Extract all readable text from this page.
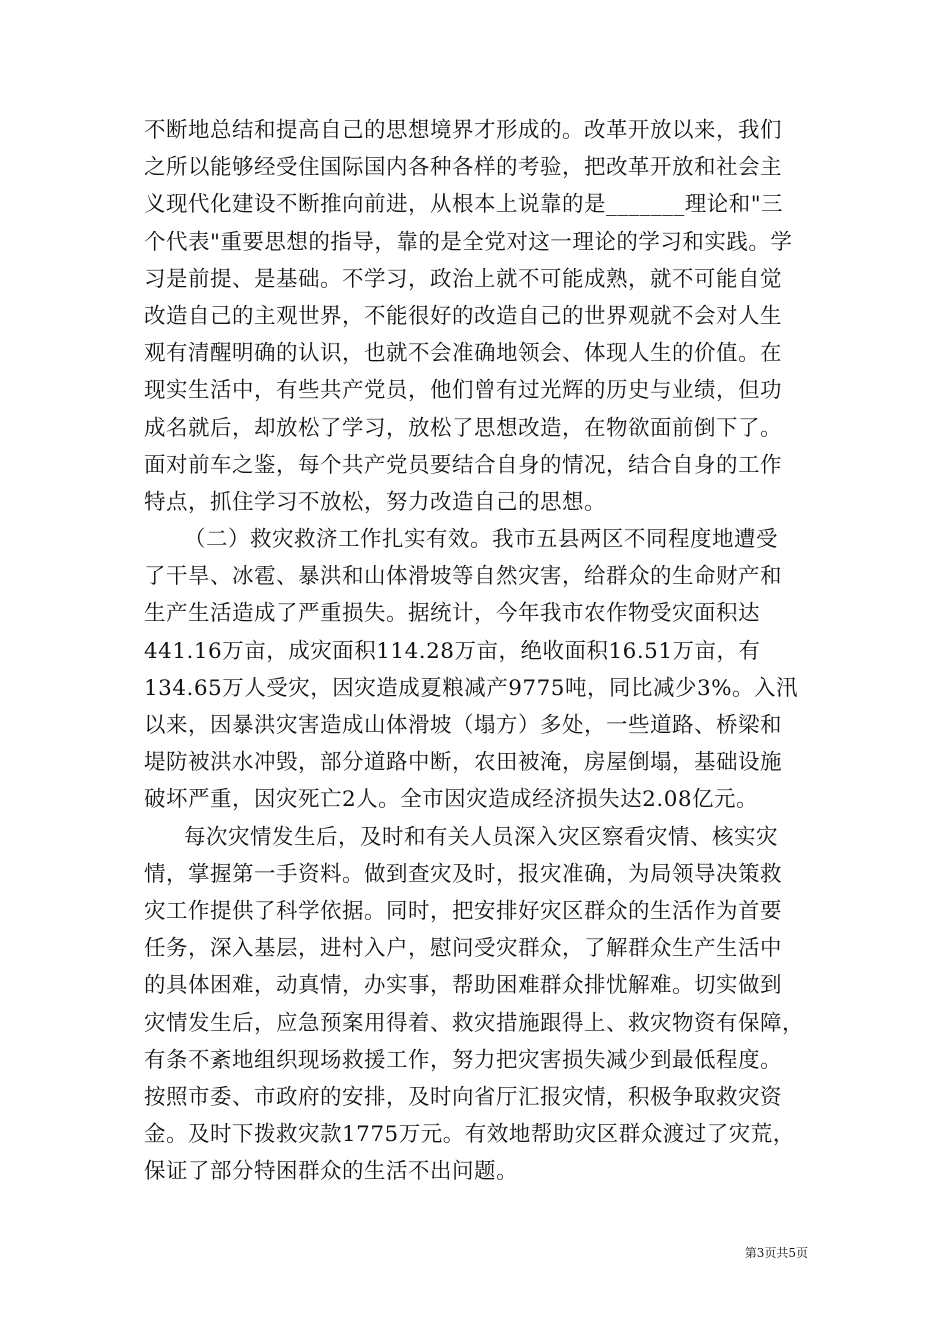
不断地总结和提高自己的思想境界才形成的。改革开放以来，我们
之所以能够经受住国际国内各种各样的考验，把改革开放和社会主
义现代化建设不断推向前进，从根本上说靠的是_______理论和"三
个代表"重要思想的指导，靠的是全党对这一理论的学习和实践。学
习是前提、是基础。不学习，政治上就不可能成熟，就不可能自觉
改造自己的主观世界，不能很好的改造自己的世界观就不会对人生
观有清醒明确的认识，也就不会准确地领会、体现人生的价值。在
现实生活中，有些共产党员，他们曾有过光辉的历史与业绩，但功
成名就后，却放松了学习，放松了思想改造，在物欲面前倒下了。
面对前车之鉴，每个共产党员要结合自身的情况，结合自身的工作
特点，抓住学习不放松，努力改造自己的思想。
（二）救灾救济工作扎实有效。我市五县两区不同程度地遭受
了干旱、冰雹、暴洪和山体滑坡等自然灾害，给群众的生命财产和
生产生活造成了严重损失。据统计，今年我市农作物受灾面积达
441.16万亩，成灾面积114.28万亩，绝收面积16.51万亩，有
134.65万人受灾，因灾造成夏粮减产9775吨，同比减少3%。入汛
以来，因暴洪灾害造成山体滑坡（塌方）多处，一些道路、桥梁和
堤防被洪水冲毁，部分道路中断，农田被淹，房屋倒塌，基础设施
破坏严重，因灾死亡2人。全市因灾造成经济损失达2.08亿元。
每次灾情发生后，及时和有关人员深入灾区察看灾情、核实灾
情，掌握第一手资料。做到查灾及时，报灾准确，为局领导决策救
灾工作提供了科学依据。同时，把安排好灾区群众的生活作为首要
任务，深入基层，进村入户，慰问受灾群众，了解群众生产生活中
的具体困难，动真情，办实事，帮助困难群众排忧解难。切实做到
灾情发生后，应急预案用得着、救灾措施跟得上、救灾物资有保障，
有条不紊地组织现场救援工作，努力把灾害损失减少到最低程度。
按照市委、市政府的安排，及时向省厅汇报灾情，积极争取救灾资
金。及时下拨救灾款1775万元。有效地帮助灾区群众渡过了灾荒，
保证了部分特困群众的生活不出问题。
第3页共5页
